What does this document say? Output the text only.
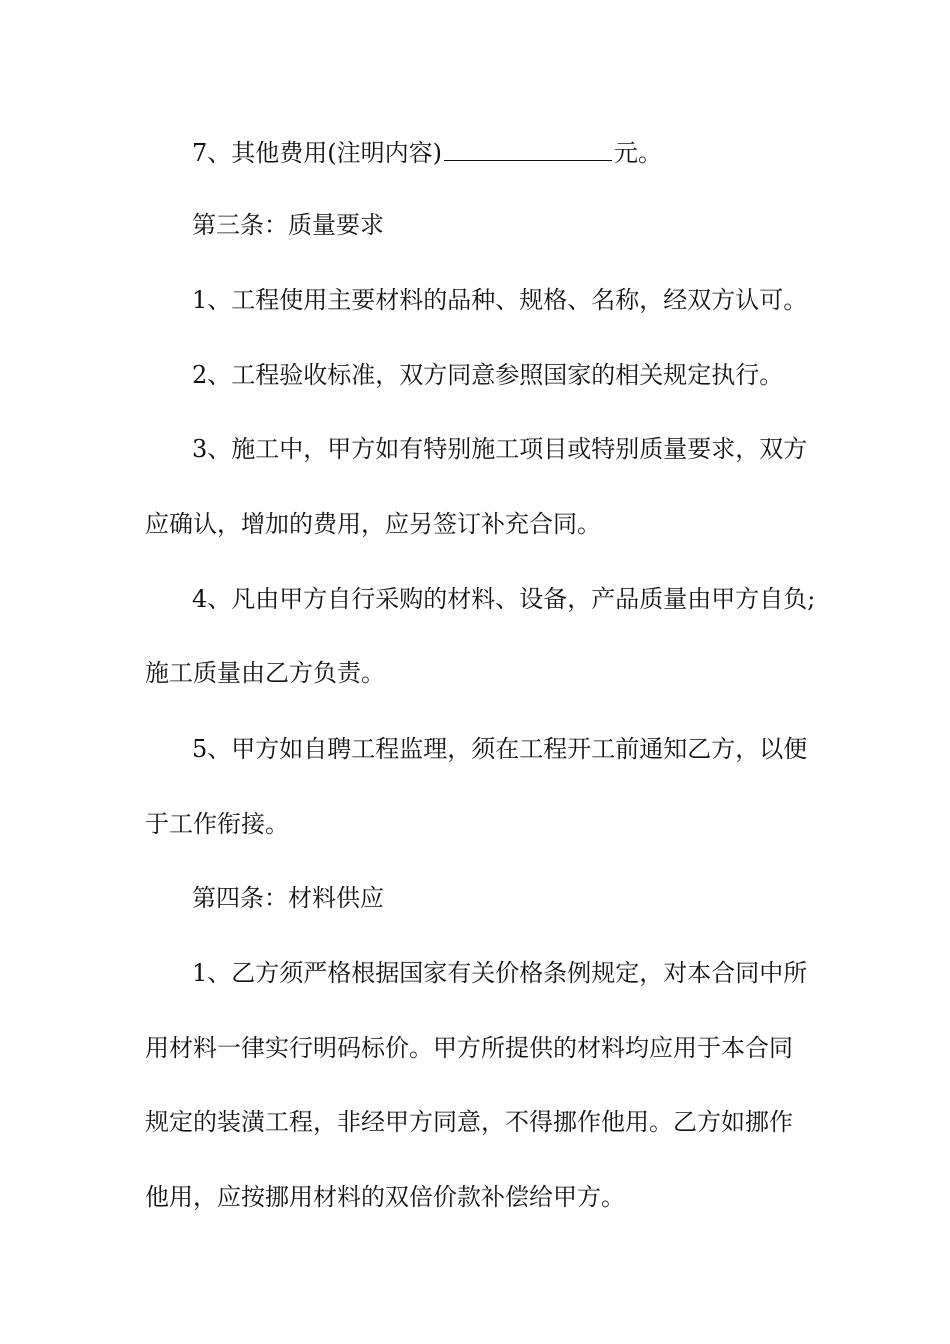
7、其他费用(注明内容)	元。
第三条：质量要求
1、工程使用主要材料的品种、规格、名称，经双方认可。
2、工程验收标准，双方同意参照国家的相关规定执行。
3、施工中，甲方如有特别施工项目或特别质量要求，双方
应确认，增加的费用，应另签订补充合同。
4、凡由甲方自行采购的材料、设备，产品质量由甲方自负;
施工质量由乙方负责。
5、甲方如自聘工程监理，须在工程开工前通知乙方，以便
于工作衔接。
第四条：材料供应
1、乙方须严格根据国家有关价格条例规定，对本合同中所
用材料一律实行明码标价。甲方所提供的材料均应用于本合同
规定的装潢工程，非经甲方同意，不得挪作他用。乙方如挪作
他用，应按挪用材料的双倍价款补偿给甲方。
